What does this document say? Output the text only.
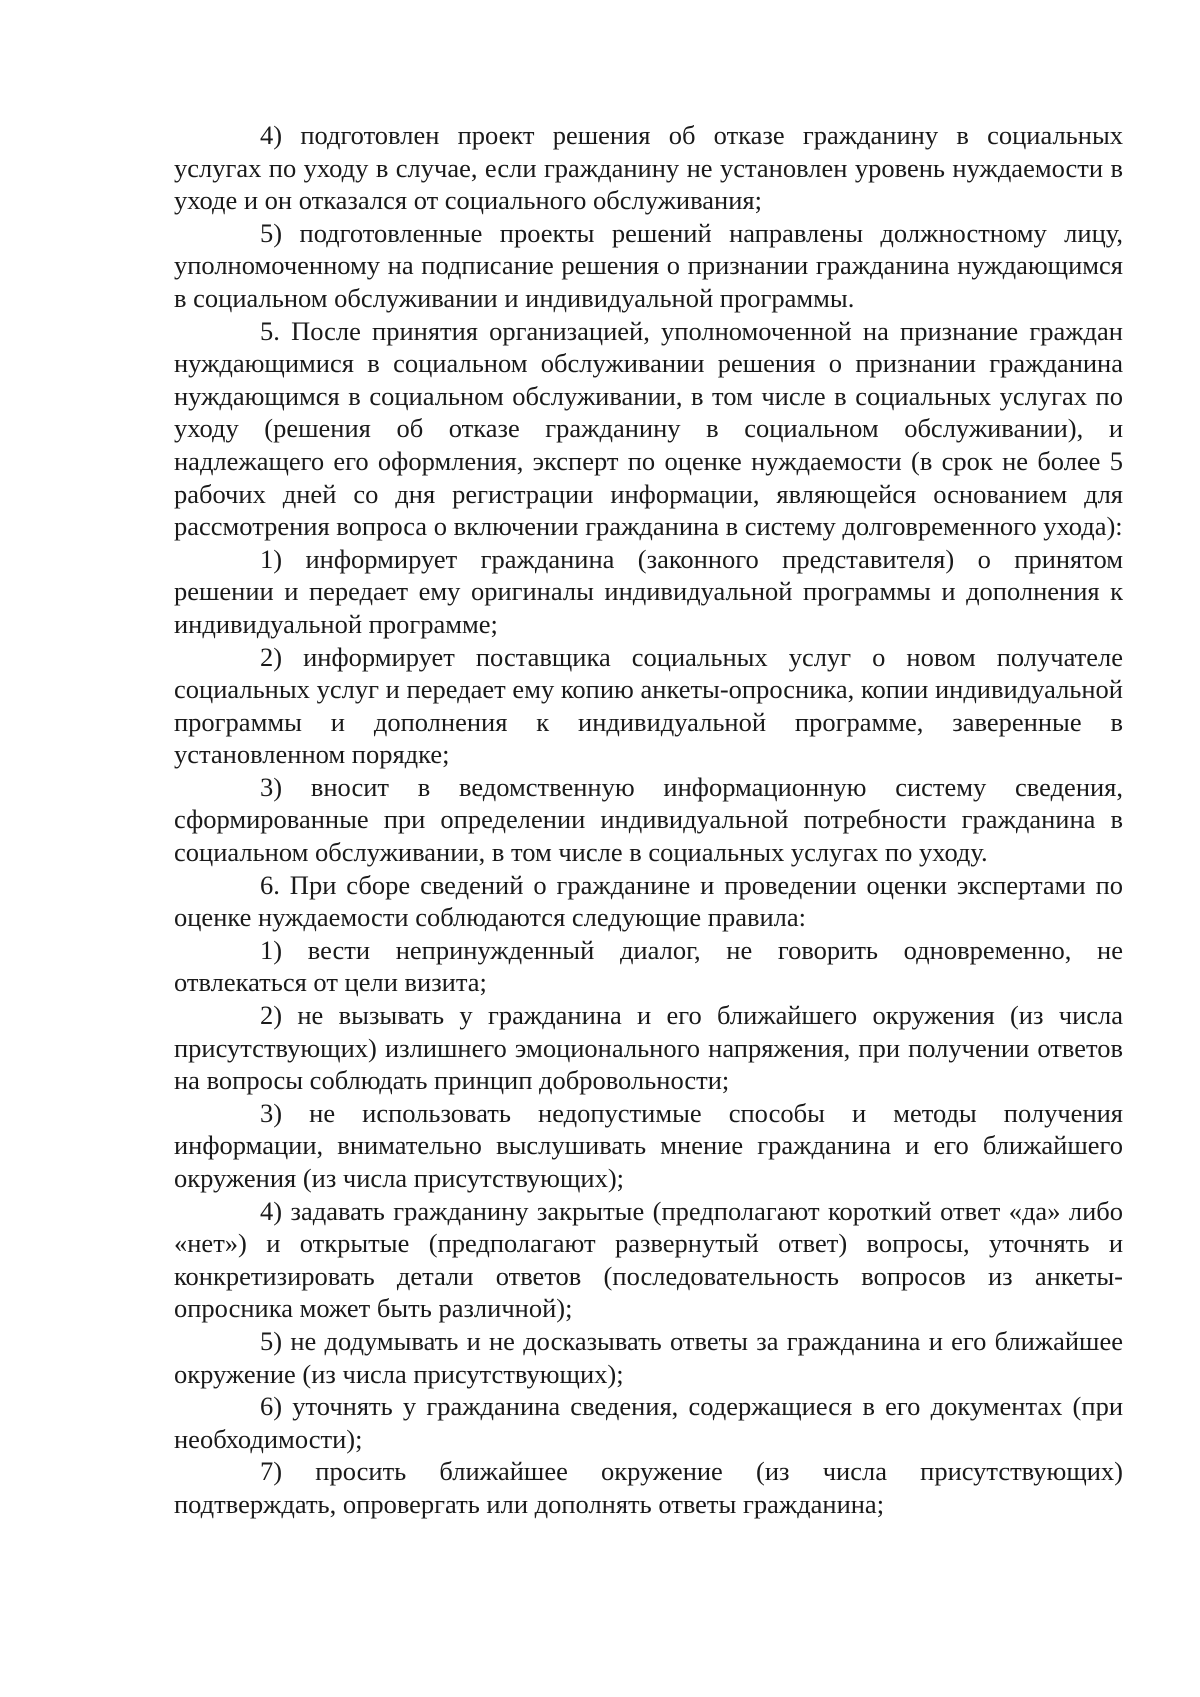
4) подготовлен проект решения об отказе гражданину в социальных услугах по уходу в случае, если гражданину не установлен уровень нуждаемости в уходе и он отказался от социального обслуживания;

5) подготовленные проекты решений направлены должностному лицу, уполномоченному на подписание решения о признании гражданина нуждающимся в социальном обслуживании и индивидуальной программы.

5. После принятия организацией, уполномоченной на признание граждан нуждающимися в социальном обслуживании решения о признании гражданина нуждающимся в социальном обслуживании, в том числе в социальных услугах по уходу (решения об отказе гражданину в социальном обслуживании), и надлежащего его оформления, эксперт по оценке нуждаемости (в срок не более 5 рабочих дней со дня регистрации информации, являющейся основанием для рассмотрения вопроса о включении гражданина в систему долговременного ухода):

1) информирует гражданина (законного представителя) о принятом решении и передает ему оригиналы индивидуальной программы и дополнения к индивидуальной программе;

2) информирует поставщика социальных услуг о новом получателе социальных услуг и передает ему копию анкеты-опросника, копии индивидуальной программы и дополнения к индивидуальной программе, заверенные в установленном порядке;

3) вносит в ведомственную информационную систему сведения, сформированные при определении индивидуальной потребности гражданина в социальном обслуживании, в том числе в социальных услугах по уходу.

6. При сборе сведений о гражданине и проведении оценки экспертами по оценке нуждаемости соблюдаются следующие правила:

1) вести непринужденный диалог, не говорить одновременно, не отвлекаться от цели визита;

2) не вызывать у гражданина и его ближайшего окружения (из числа присутствующих) излишнего эмоционального напряжения, при получении ответов на вопросы соблюдать принцип добровольности;

3) не использовать недопустимые способы и методы получения информации, внимательно выслушивать мнение гражданина и его ближайшего окружения (из числа присутствующих);

4) задавать гражданину закрытые (предполагают короткий ответ «да» либо «нет») и открытые (предполагают развернутый ответ) вопросы, уточнять и конкретизировать детали ответов (последовательность вопросов из анкеты-опросника может быть различной);

5) не додумывать и не досказывать ответы за гражданина и его ближайшее окружение (из числа присутствующих);

6) уточнять у гражданина сведения, содержащиеся в его документах (при необходимости);

7) просить ближайшее окружение (из числа присутствующих) подтверждать, опровергать или дополнять ответы гражданина;
